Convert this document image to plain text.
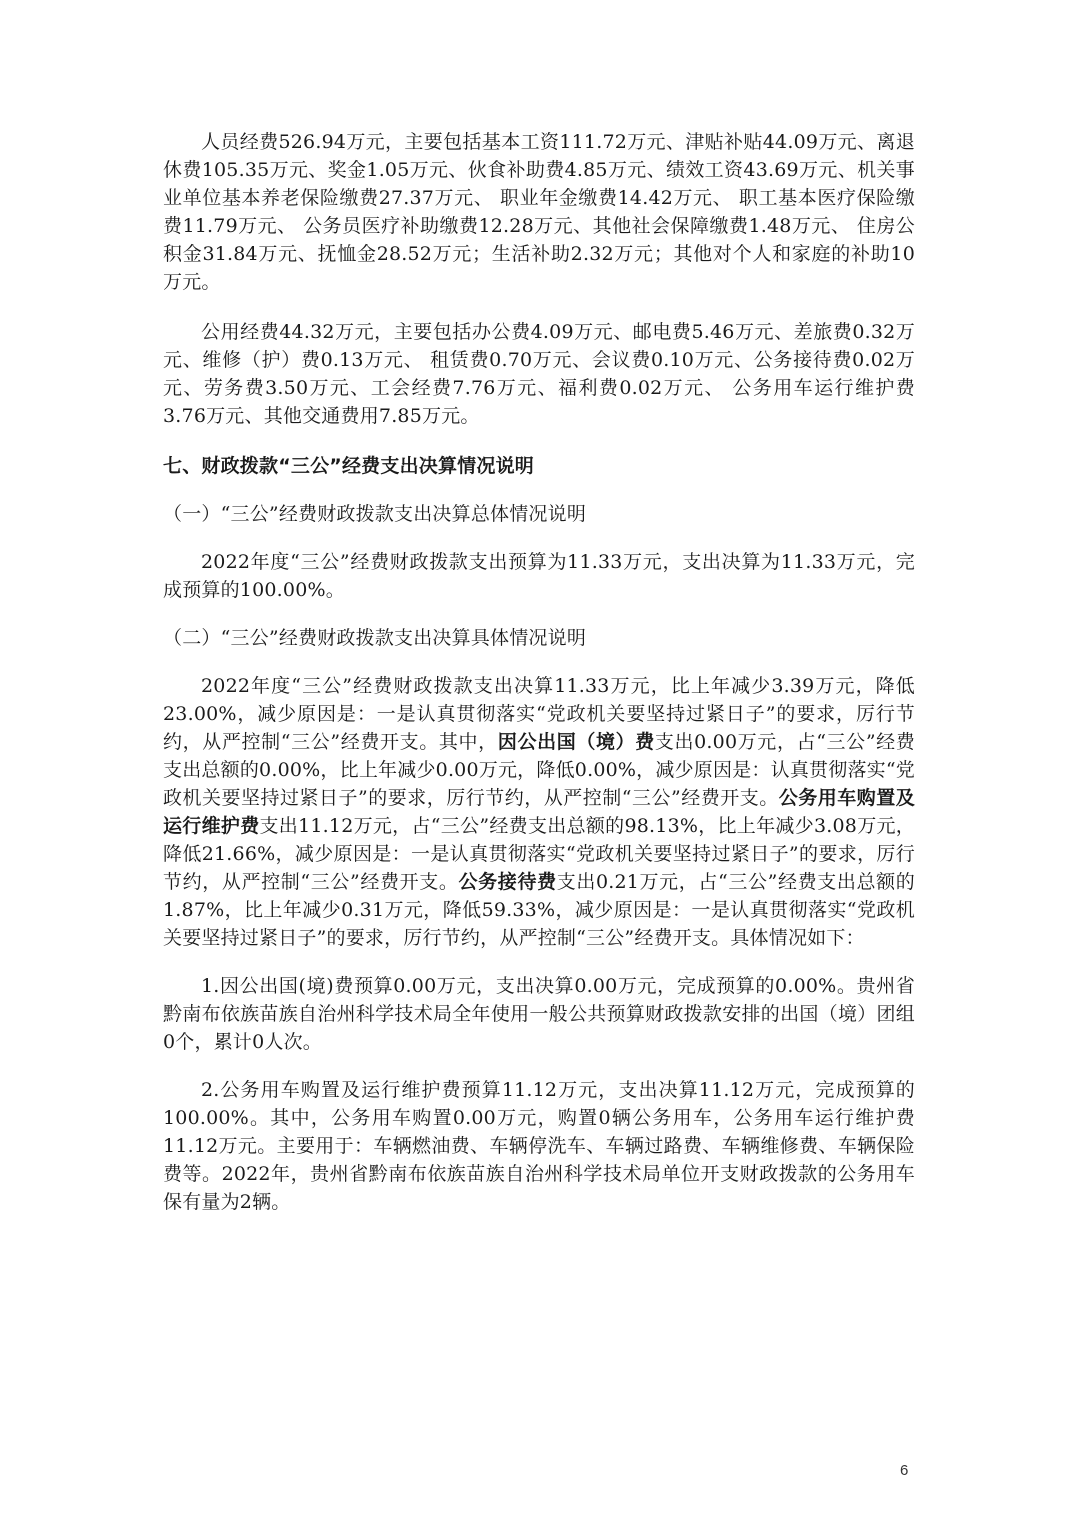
人员经费526.94万元，主要包括基本工资111.72万元、津贴补贴44.09万元、离退休费105.35万元、奖金1.05万元、伙食补助费4.85万元、绩效工资43.69万元、机关事业单位基本养老保险缴费27.37万元、 职业年金缴费14.42万元、 职工基本医疗保险缴费11.79万元、 公务员医疗补助缴费12.28万元、其他社会保障缴费1.48万元、 住房公积金31.84万元、抚恤金28.52万元；生活补助2.32万元；其他对个人和家庭的补助10万元。

公用经费44.32万元，主要包括办公费4.09万元、邮电费5.46万元、差旅费0.32万元、维修（护）费0.13万元、 租赁费0.70万元、会议费0.10万元、公务接待费0.02万元、劳务费3.50万元、工会经费7.76万元、福利费0.02万元、 公务用车运行维护费3.76万元、其他交通费用7.85万元。

七、财政拨款“三公”经费支出决算情况说明

（一）“三公”经费财政拨款支出决算总体情况说明

2022年度“三公”经费财政拨款支出预算为11.33万元，支出决算为11.33万元，完成预算的100.00%。

（二）“三公”经费财政拨款支出决算具体情况说明

2022年度“三公”经费财政拨款支出决算11.33万元，比上年减少3.39万元，降低23.00%，减少原因是：一是认真贯彻落实“党政机关要坚持过紧日子”的要求，厉行节约，从严控制“三公”经费开支。其中，因公出国（境）费支出0.00万元，占“三公”经费支出总额的0.00%，比上年减少0.00万元，降低0.00%，减少原因是：认真贯彻落实“党政机关要坚持过紧日子”的要求，厉行节约，从严控制“三公”经费开支。公务用车购置及运行维护费支出11.12万元，占“三公”经费支出总额的98.13%，比上年减少3.08万元，降低21.66%，减少原因是：一是认真贯彻落实“党政机关要坚持过紧日子”的要求，厉行节约，从严控制“三公”经费开支。公务接待费支出0.21万元，占“三公”经费支出总额的1.87%，比上年减少0.31万元，降低59.33%，减少原因是：一是认真贯彻落实“党政机关要坚持过紧日子”的要求，厉行节约，从严控制“三公”经费开支。具体情况如下：

1.因公出国(境)费预算0.00万元，支出决算0.00万元，完成预算的0.00%。贵州省黔南布依族苗族自治州科学技术局全年使用一般公共预算财政拨款安排的出国（境）团组0个，累计0人次。

2.公务用车购置及运行维护费预算11.12万元，支出决算11.12万元，完成预算的100.00%。其中，公务用车购置0.00万元，购置0辆公务用车，公务用车运行维护费11.12万元。主要用于：车辆燃油费、车辆停洗车、车辆过路费、车辆维修费、车辆保险费等。2022年，贵州省黔南布依族苗族自治州科学技术局单位开支财政拨款的公务用车保有量为2辆。

6
